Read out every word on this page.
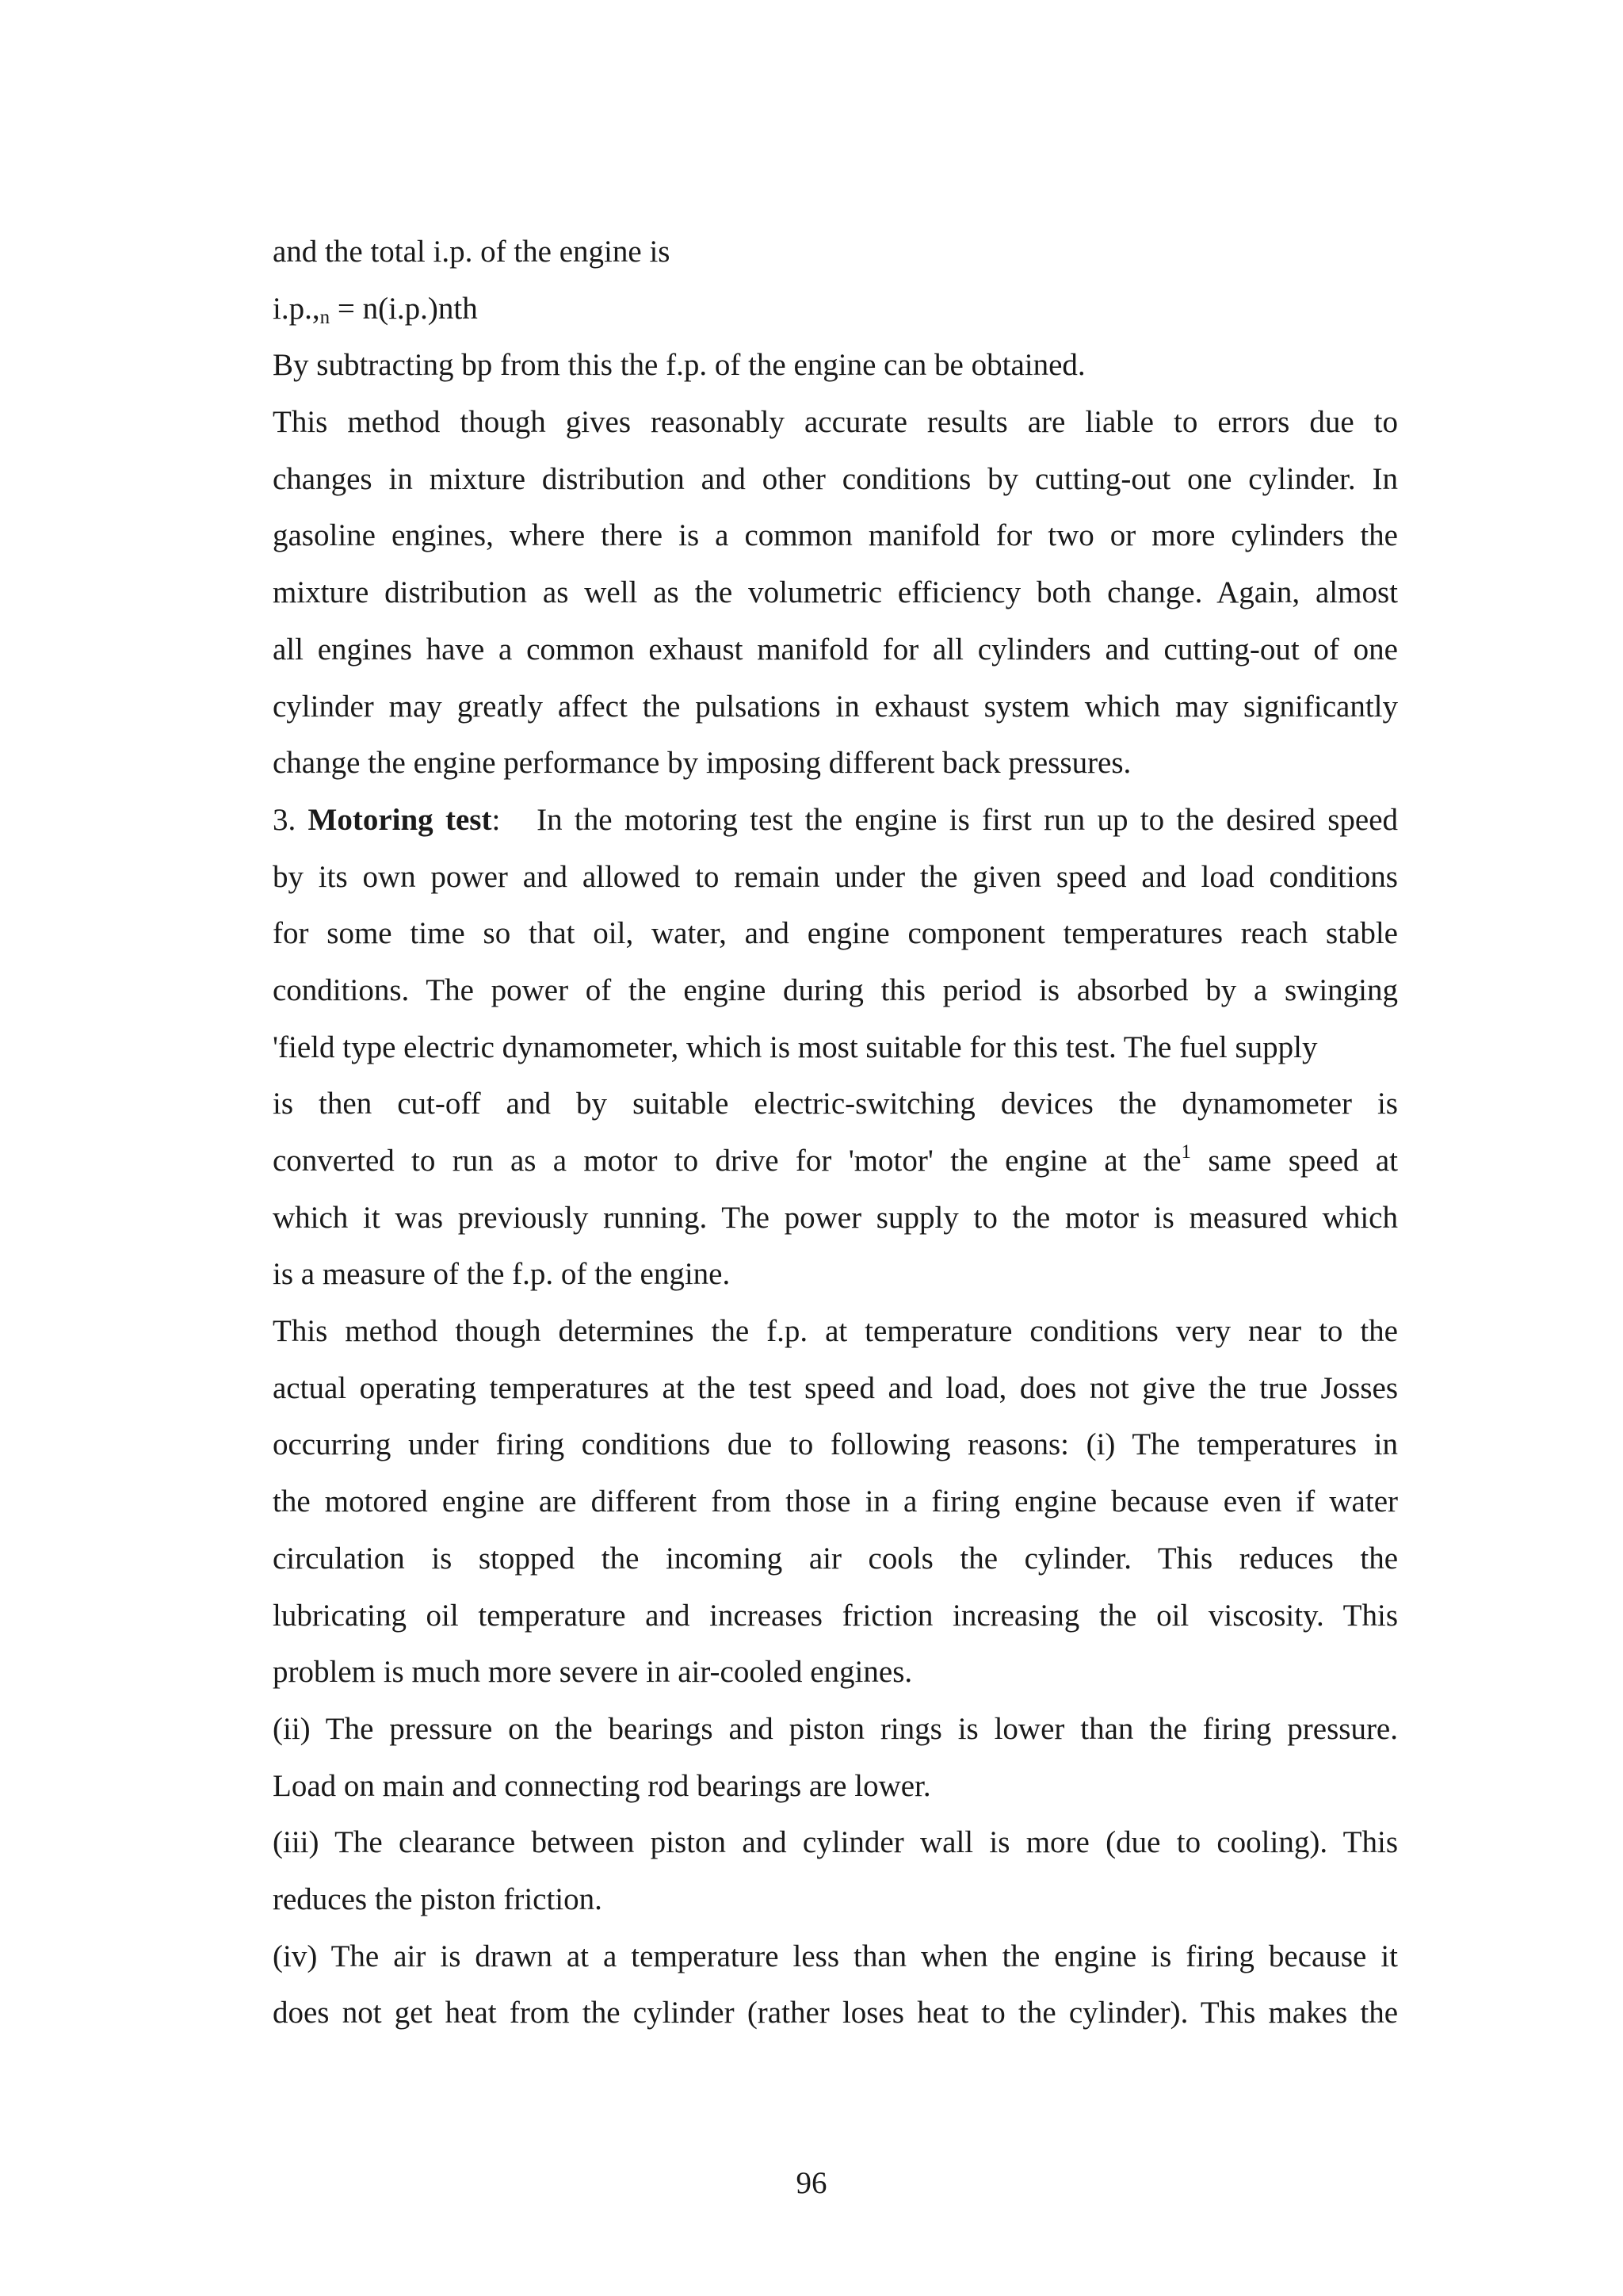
and the total i.p. of the engine is
$i.p.,_n = n(i.p.)nth$
By subtracting bp from this the f.p. of the engine can be obtained.
This method though gives reasonably accurate results are liable to errors due to
changes in mixture distribution and other conditions by cutting-out one cylinder. In
gasoline engines, where there is a common manifold for two or more cylinders the
mixture distribution as well as the volumetric efficiency both change. Again, almost
all engines have a common exhaust manifold for all cylinders and cutting-out of one
cylinder may greatly affect the pulsations in exhaust system which may significantly
change the engine performance by imposing different back pressures.
3. Motoring test: In the motoring test the engine is first run up to the desired speed
by its own power and allowed to remain under the given speed and load conditions
for some time so that oil, water, and engine component temperatures reach stable
conditions. The power of the engine during this period is absorbed by a swinging
'field type electric dynamometer, which is most suitable for this test. The fuel supply
is then cut-off and by suitable electric-switching devices the dynamometer is
converted to run as a motor to drive for 'motor' the engine at the$^1$ same speed at
which it was previously running. The power supply to the motor is measured which
is a measure of the f.p. of the engine.
This method though determines the f.p. at temperature conditions very near to the
actual operating temperatures at the test speed and load, does not give the true Josses
occurring under firing conditions due to following reasons: (i) The temperatures in
the motored engine are different from those in a firing engine because even if water
circulation is stopped the incoming air cools the cylinder. This reduces the
lubricating oil temperature and increases friction increasing the oil viscosity. This
problem is much more severe in air-cooled engines.
(ii) The pressure on the bearings and piston rings is lower than the firing pressure.
Load on main and connecting rod bearings are lower.
(iii) The clearance between piston and cylinder wall is more (due to cooling). This
reduces the piston friction.
(iv) The air is drawn at a temperature less than when the engine is firing because it
does not get heat from the cylinder (rather loses heat to the cylinder). This makes the
96
